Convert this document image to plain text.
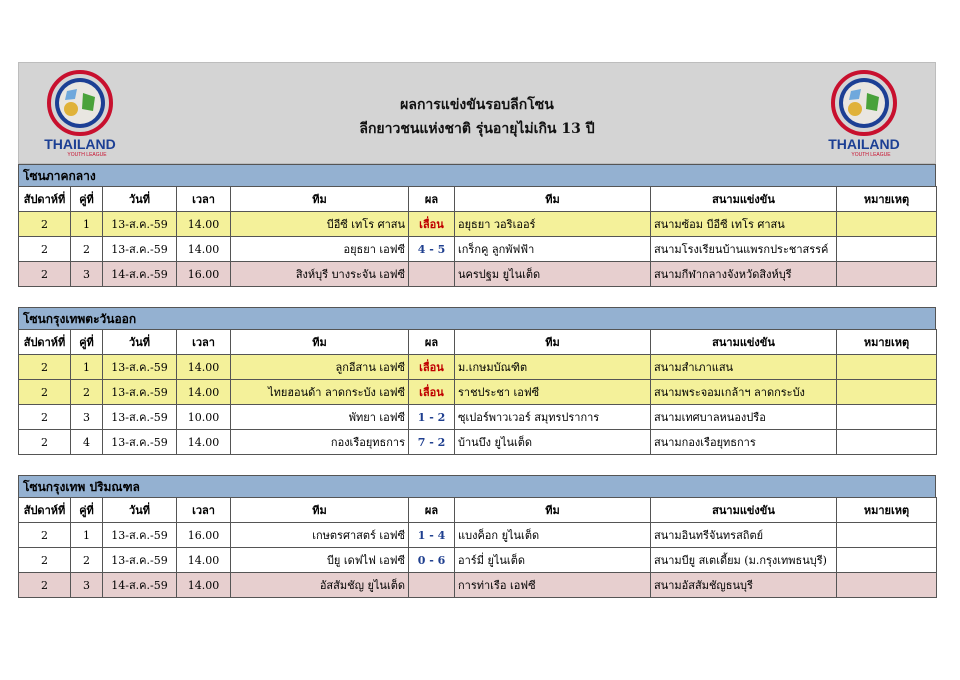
THAILAND
YOUTH LEAGUE
ผลการแข่งขันรอบลีกโซน
ลีกยาวชนแห่งชาติ รุ่นอายุไม่เกิน 13 ปี
THAILAND
YOUTH LEAGUE
โซนภาคกลาง
สัปดาห์ที่	คู่ที่	วันที่	เวลา	ทีม	ผล	ทีม	สนามแข่งขัน	หมายเหตุ
2	1	13-ส.ค.-59	14.00	บีอีซี เทโร ศาสน	เลื่อน	อยุธยา วอริเออร์	สนามซ้อม บีอีซี เทโร ศาสน	
2	2	13-ส.ค.-59	14.00	อยุธยา เอฟซี	4 - 5	เกร็กคู ลูกพัฟฟ้า	สนามโรงเรียนบ้านแพรกประชาสรรค์	
2	3	14-ส.ค.-59	16.00	สิงห์บุรี บางระจัน เอฟซี		นครปฐม ยูไนเต็ด	สนามกีฬากลางจังหวัดสิงห์บุรี	
โซนกรุงเทพตะวันออก
สัปดาห์ที่	คู่ที่	วันที่	เวลา	ทีม	ผล	ทีม	สนามแข่งขัน	หมายเหตุ
2	1	13-ส.ค.-59	14.00	ลูกอีสาน เอฟซี	เลื่อน	ม.เกษมบัณฑิต	สนามสำเภาแสน	
2	2	13-ส.ค.-59	14.00	ไทยฮอนด้า ลาดกระบัง เอฟซี	เลื่อน	ราชประชา เอฟซี	สนามพระจอมเกล้าฯ ลาดกระบัง	
2	3	13-ส.ค.-59	10.00	พัทยา เอฟซี	1 - 2	ซุเปอร์พาวเวอร์ สมุทรปราการ	สนามเทศบาลหนองปรือ	
2	4	13-ส.ค.-59	14.00	กองเรือยุทธการ	7 - 2	บ้านบึง ยูไนเต็ด	สนามกองเรือยุทธการ	
โซนกรุงเทพ ปริมณฑล
สัปดาห์ที่	คู่ที่	วันที่	เวลา	ทีม	ผล	ทีม	สนามแข่งขัน	หมายเหตุ
2	1	13-ส.ค.-59	16.00	เกษตรศาสตร์ เอฟซี	1 - 4	แบงค็อก ยูไนเต็ด	สนามอินทรีจันทรสถิตย์	
2	2	13-ส.ค.-59	14.00	บียู เดฟไฟ เอฟซี	0 - 6	อาร์มี่ ยูไนเต็ด	สนามบียู สเตเดี้ยม (ม.กรุงเทพธนบุรี)	
2	3	14-ส.ค.-59	14.00	อัสสัมชัญ ยูไนเต็ด		การท่าเรือ เอฟซี	สนามอัสสัมชัญธนบุรี	
